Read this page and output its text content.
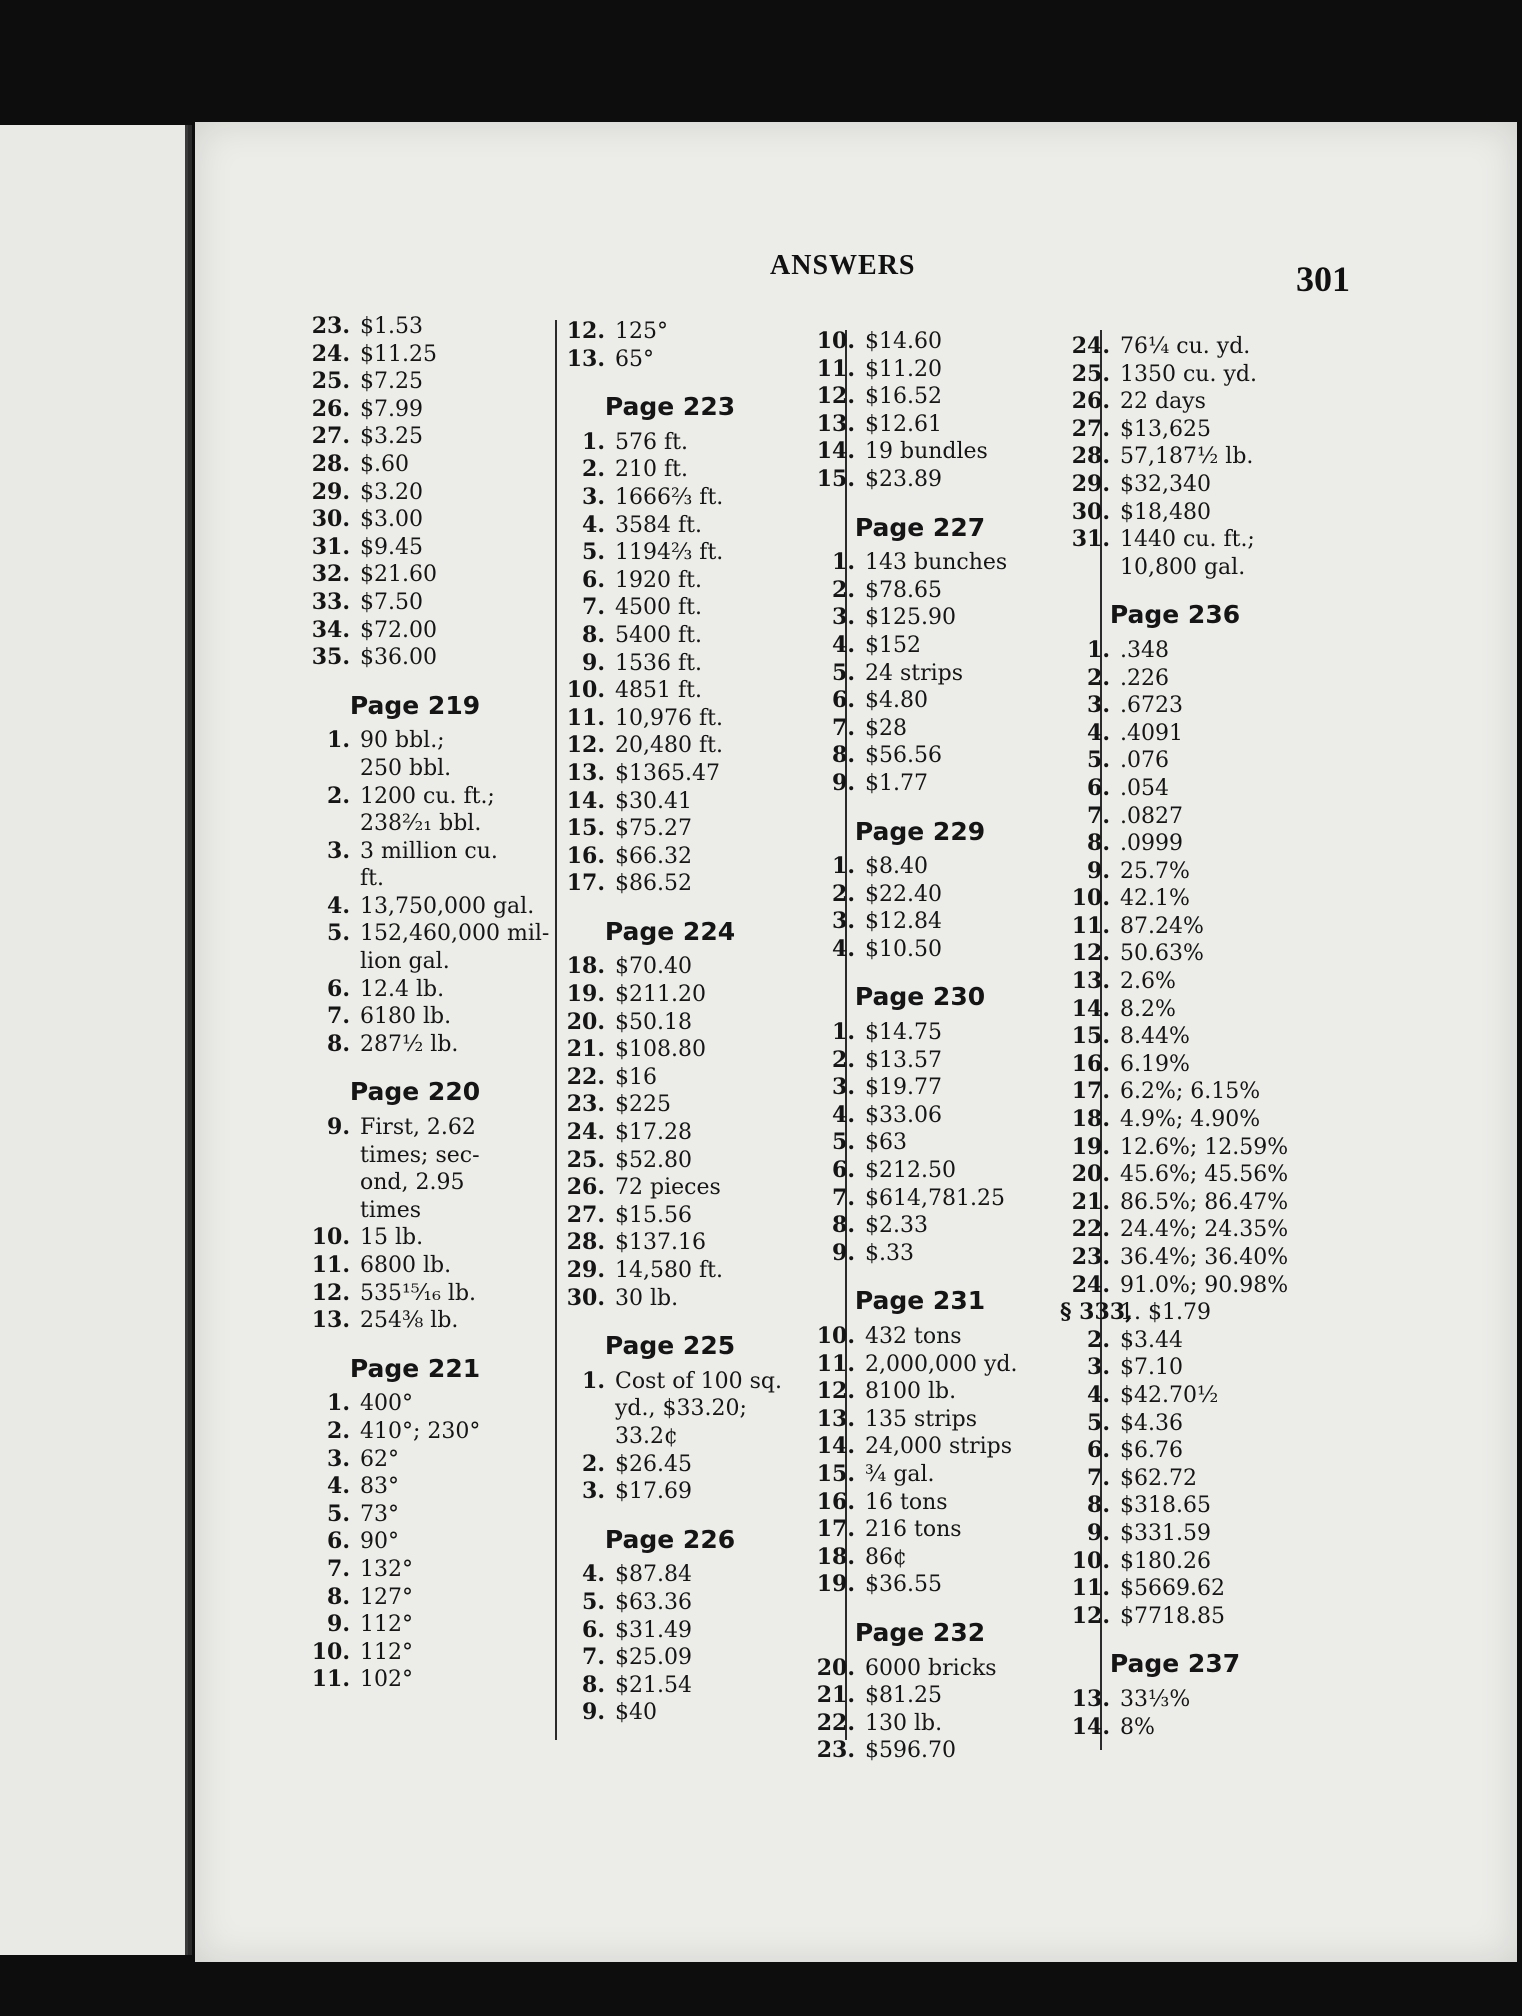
ANSWERS	301
23. $1.53
24. $11.25
25. $7.25
26. $7.99
27. $3.25
28. $.60
29. $3.20
30. $3.00
31. $9.45
32. $21.60
33. $7.50
34. $72.00
35. $36.00
Page 219
1. 90 bbl.;
250 bbl.
2. 1200 cu. ft.;
238²⁄₂₁ bbl.
3. 3 million cu.
ft.
4. 13,750,000 gal.
5. 152,460,000 mil-
lion gal.
6. 12.4 lb.
7. 6180 lb.
8. 287½ lb.
Page 220
9. First, 2.62
times; sec-
ond, 2.95
times
10. 15 lb.
11. 6800 lb.
12. 535¹⁵⁄₁₆ lb.
13. 254⅜ lb.
Page 221
1. 400°
2. 410°; 230°
3. 62°
4. 83°
5. 73°
6. 90°
7. 132°
8. 127°
9. 112°
10. 112°
11. 102°
12. 125°
13. 65°
Page 223
1. 576 ft.
2. 210 ft.
3. 1666⅔ ft.
4. 3584 ft.
5. 1194⅔ ft.
6. 1920 ft.
7. 4500 ft.
8. 5400 ft.
9. 1536 ft.
10. 4851 ft.
11. 10,976 ft.
12. 20,480 ft.
13. $1365.47
14. $30.41
15. $75.27
16. $66.32
17. $86.52
Page 224
18. $70.40
19. $211.20
20. $50.18
21. $108.80
22. $16
23. $225
24. $17.28
25. $52.80
26. 72 pieces
27. $15.56
28. $137.16
29. 14,580 ft.
30. 30 lb.
Page 225
1. Cost of 100 sq.
yd., $33.20;
33.2¢
2. $26.45
3. $17.69
Page 226
4. $87.84
5. $63.36
6. $31.49
7. $25.09
8. $21.54
9. $40
10. $14.60
11. $11.20
12. $16.52
13. $12.61
14. 19 bundles
15. $23.89
Page 227
1. 143 bunches
2. $78.65
3. $125.90
4. $152
5. 24 strips
6. $4.80
7. $28
8. $56.56
9. $1.77
Page 229
1. $8.40
2. $22.40
3. $12.84
4. $10.50
Page 230
1. $14.75
2. $13.57
3. $19.77
4. $33.06
5. $63
6. $212.50
7. $614,781.25
8. $2.33
9. $.33
Page 231
10. 432 tons
11. 2,000,000 yd.
12. 8100 lb.
13. 135 strips
14. 24,000 strips
15. ¾ gal.
16. 16 tons
17. 216 tons
18. 86¢
19. $36.55
Page 232
20. 6000 bricks
21. $81.25
22. 130 lb.
23. $596.70
24. 76¼ cu. yd.
25. 1350 cu. yd.
26. 22 days
27. $13,625
28. 57,187½ lb.
29. $32,340
30. $18,480
31. 1440 cu. ft.;
10,800 gal.
Page 236
1. .348
2. .226
3. .6723
4. .4091
5. .076
6. .054
7. .0827
8. .0999
9. 25.7%
10. 42.1%
11. 87.24%
12. 50.63%
13. 2.6%
14. 8.2%
15. 8.44%
16. 6.19%
17. 6.2%; 6.15%
18. 4.9%; 4.90%
19. 12.6%; 12.59%
20. 45.6%; 45.56%
21. 86.5%; 86.47%
22. 24.4%; 24.35%
23. 36.4%; 36.40%
24. 91.0%; 90.98%
§ 333,1. $1.79
2. $3.44
3. $7.10
4. $42.70½
5. $4.36
6. $6.76
7. $62.72
8. $318.65
9. $331.59
10. $180.26
11. $5669.62
12. $7718.85
Page 237
13. 33⅓%
14. 8%
